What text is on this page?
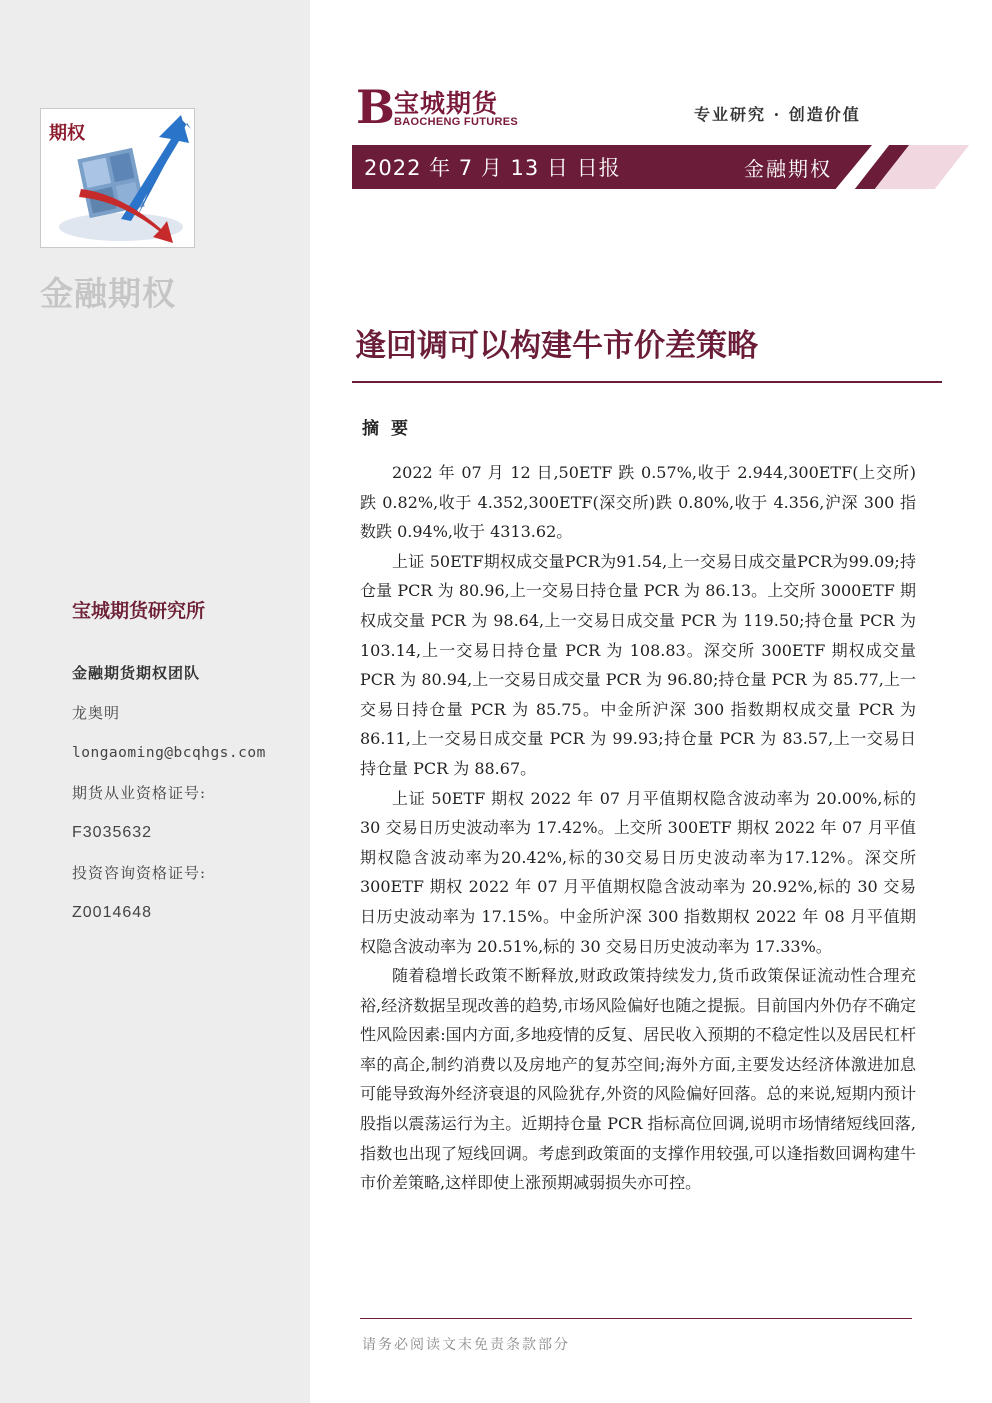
期权
金融期权
宝城期货研究所
金融期货期权团队
龙奥明
longaoming@bcqhgs.com
期货从业资格证号:
F3035632
投资咨询资格证号:
Z0014648
B 宝城期货
BAOCHENG FUTURES	专业研究 · 创造价值
2022 年 7 月 13 日 日报	金融期权
逢回调可以构建牛市价差策略
摘要

2022 年 07 月 12 日,50ETF 跌 0.57%,收于 2.944,300ETF(上交所)跌 0.82%,收于 4.352,300ETF(深交所)跌 0.80%,收于 4.356,沪深 300 指数跌 0.94%,收于 4313.62。

上证 50ETF期权成交量PCR为91.54,上一交易日成交量PCR为99.09;持仓量 PCR 为 80.96,上一交易日持仓量 PCR 为 86.13。上交所 3000ETF 期权成交量 PCR 为 98.64,上一交易日成交量 PCR 为 119.50;持仓量 PCR 为 103.14,上一交易日持仓量 PCR 为 108.83。深交所 300ETF 期权成交量 PCR 为 80.94,上一交易日成交量 PCR 为 96.80;持仓量 PCR 为 85.77,上一交易日持仓量 PCR 为 85.75。中金所沪深 300 指数期权成交量 PCR 为 86.11,上一交易日成交量 PCR 为 99.93;持仓量 PCR 为 83.57,上一交易日持仓量 PCR 为 88.67。

上证 50ETF 期权 2022 年 07 月平值期权隐含波动率为 20.00%,标的 30 交易日历史波动率为 17.42%。上交所 300ETF 期权 2022 年 07 月平值期权隐含波动率为20.42%,标的30交易日历史波动率为17.12%。深交所 300ETF 期权 2022 年 07 月平值期权隐含波动率为 20.92%,标的 30 交易日历史波动率为 17.15%。中金所沪深 300 指数期权 2022 年 08 月平值期权隐含波动率为 20.51%,标的 30 交易日历史波动率为 17.33%。

随着稳增长政策不断释放,财政政策持续发力,货币政策保证流动性合理充裕,经济数据呈现改善的趋势,市场风险偏好也随之提振。目前国内外仍存不确定性风险因素:国内方面,多地疫情的反复、居民收入预期的不稳定性以及居民杠杆率的高企,制约消费以及房地产的复苏空间;海外方面,主要发达经济体激进加息可能导致海外经济衰退的风险犹存,外资的风险偏好回落。总的来说,短期内预计股指以震荡运行为主。近期持仓量 PCR 指标高位回调,说明市场情绪短线回落,指数也出现了短线回调。考虑到政策面的支撑作用较强,可以逢指数回调构建牛市价差策略,这样即使上涨预期减弱损失亦可控。

请务必阅读文末免责条款部分
